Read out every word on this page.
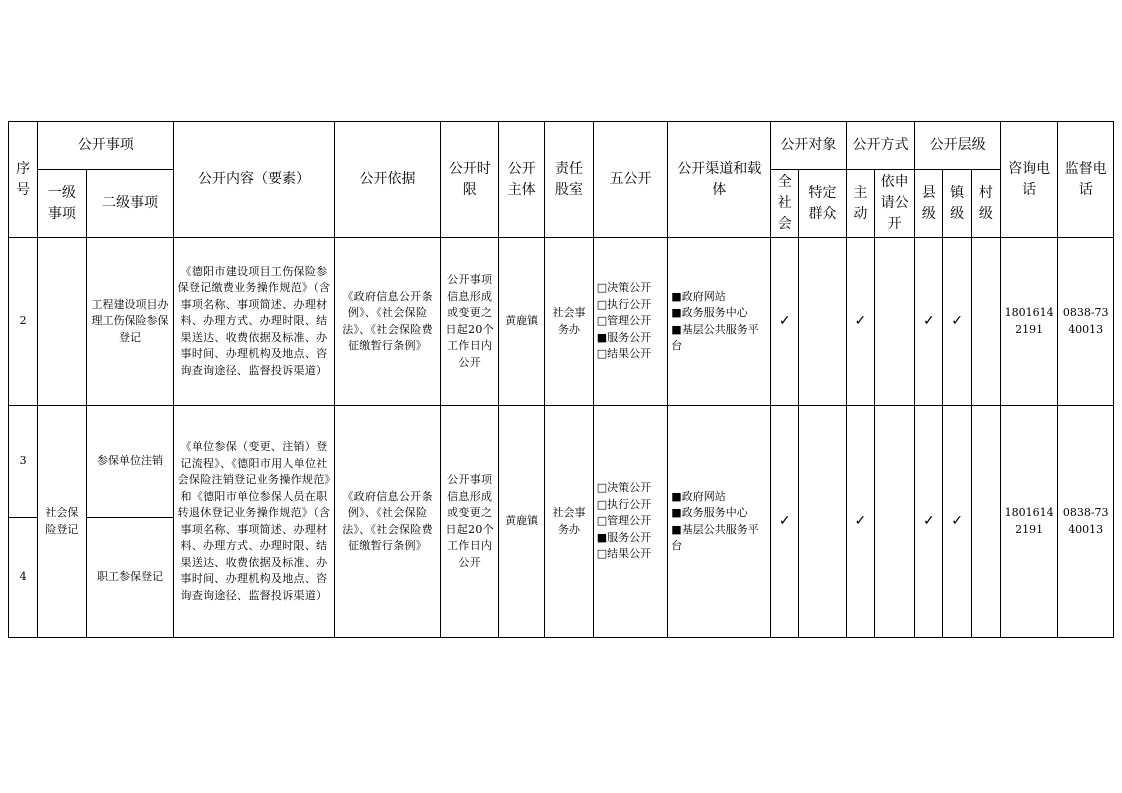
序号	公开事项		公开内容（要素）	公开依据	公开时限	公开主体	责任股室	五公开	公开渠道和载体	公开对象		公开方式		公开层级			咨询电话	监督电话
	一级事项	二级事项								全社会	特定群众	主动	依申请公开	县级	镇级	村级		
2		工程建设项目办理工伤保险参保登记	《德阳市建设项目工伤保险参保登记缴费业务操作规范》（含事项名称、事项简述、办理材料、办理方式、办理时限、结果送达、收费依据及标准、办事时间、办理机构及地点、咨询查询途径、监督投诉渠道）	《政府信息公开条例》、《社会保险法》、《社会保险费征缴暂行条例》	公开事项信息形成或变更之日起20个工作日内公开	黄鹿镇	社会事务办	□决策公开
□执行公开
□管理公开
■服务公开
□结果公开	■政府网站
■政务服务中心
■基层公共服务平台	✓		✓		✓	✓		18016142191	0838-7340013
3	社会保险登记	参保单位注销	《单位参保（变更、注销）登记流程》、《德阳市用人单位社会保险注销登记业务操作规范》和《德阳市单位参保人员在职转退休登记业务操作规范》（含事项名称、事项简述、办理材料、办理方式、办理时限、结果送达、收费依据及标准、办事时间、办理机构及地点、咨询查询途径、监督投诉渠道）	《政府信息公开条例》、《社会保险法》、《社会保险费征缴暂行条例》	公开事项信息形成或变更之日起20个工作日内公开	黄鹿镇	社会事务办	□决策公开
□执行公开
□管理公开
■服务公开
□结果公开	■政府网站
■政务服务中心
■基层公共服务平台	✓		✓		✓	✓		18016142191	0838-7340013
4		职工参保登记																
